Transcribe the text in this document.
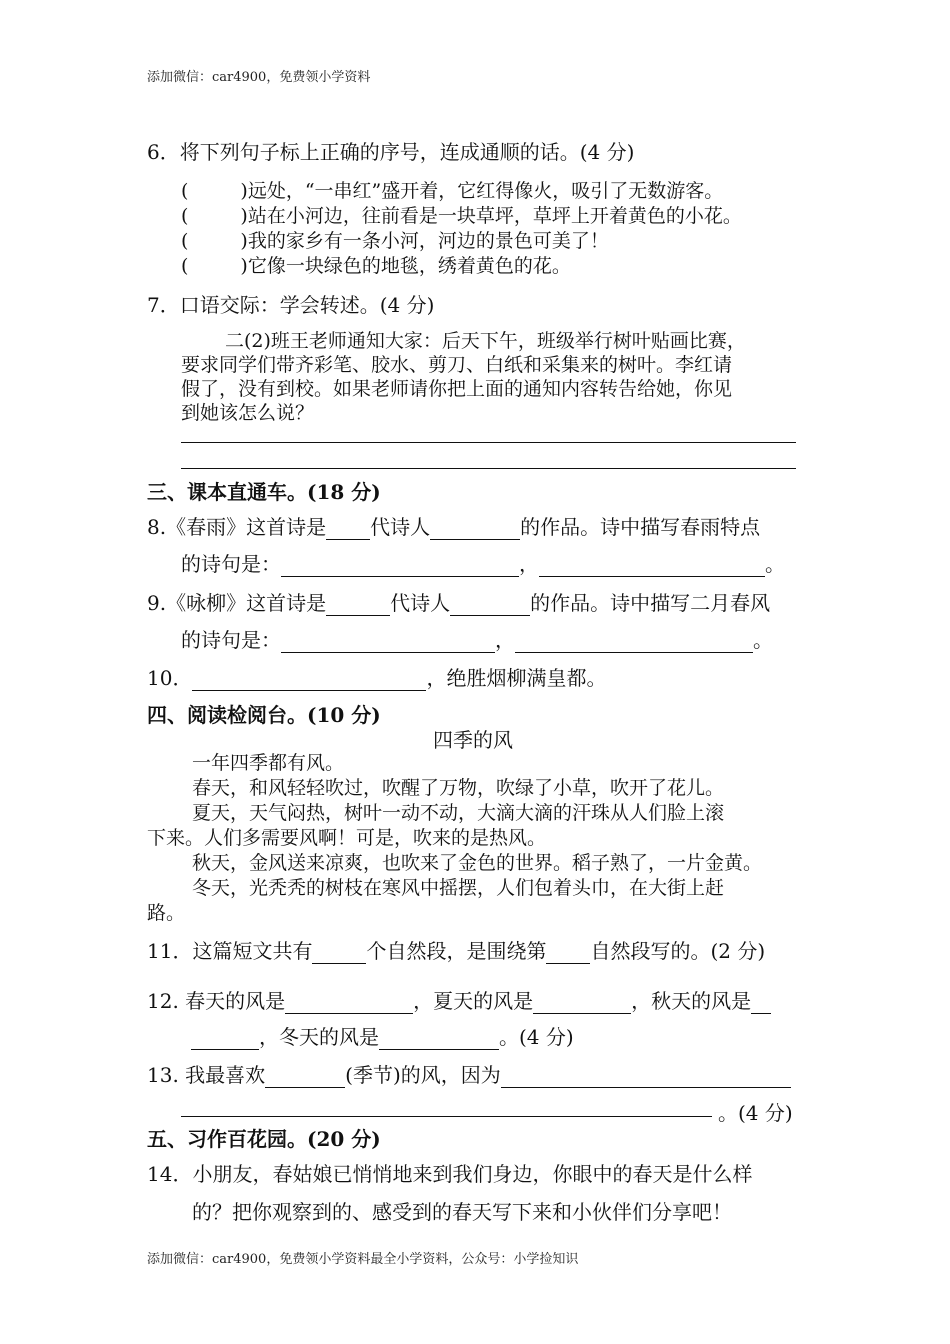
添加微信：car4900，免费领小学资料
6．将下列句子标上正确的序号，连成通顺的话。(4 分)
(	)远处，“一串红”盛开着，它红得像火，吸引了无数游客。
(	)站在小河边，往前看是一块草坪，草坪上开着黄色的小花。
(	)我的家乡有一条小河，河边的景色可美了！
(	)它像一块绿色的地毯，绣着黄色的花。
7．口语交际：学会转述。(4 分)
二(2)班王老师通知大家：后天下午，班级举行树叶贴画比赛，
要求同学们带齐彩笔、胶水、剪刀、白纸和采集来的树叶。李红请
假了，没有到校。如果老师请你把上面的通知内容转告给她，你见
到她该怎么说？
三、课本直通车。(18 分)
8.《春雨》这首诗是 代诗人	的作品。诗中描写春雨特点
的诗句是：	，	。
9.《咏柳》这首诗是	代诗人	的作品。诗中描写二月春风
的诗句是：	，	。
10．	，绝胜烟柳满皇都。
四、阅读检阅台。(10 分)
四季的风
一年四季都有风。
春天，和风轻轻吹过，吹醒了万物，吹绿了小草，吹开了花儿。
夏天，天气闷热，树叶一动不动，大滴大滴的汗珠从人们脸上滚
下来。人们多需要风啊！可是，吹来的是热风。
秋天，金风送来凉爽，也吹来了金色的世界。稻子熟了，一片金黄。
冬天，光秃秃的树枝在寒风中摇摆，人们包着头巾，在大街上赶
路。
11．这篇短文共有	个自然段，是围绕第 自然段写的。(2 分)
12. 春天的风是	，夏天的风是	，秋天的风是
，冬天的风是	。(4 分)
13. 我最喜欢	(季节)的风，因为
。(4 分)
五、习作百花园。(20 分)
14．小朋友，春姑娘已悄悄地来到我们身边，你眼中的春天是什么样
的？把你观察到的、感受到的春天写下来和小伙伴们分享吧！
添加微信：car4900，免费领小学资料最全小学资料，公众号：小学捡知识
